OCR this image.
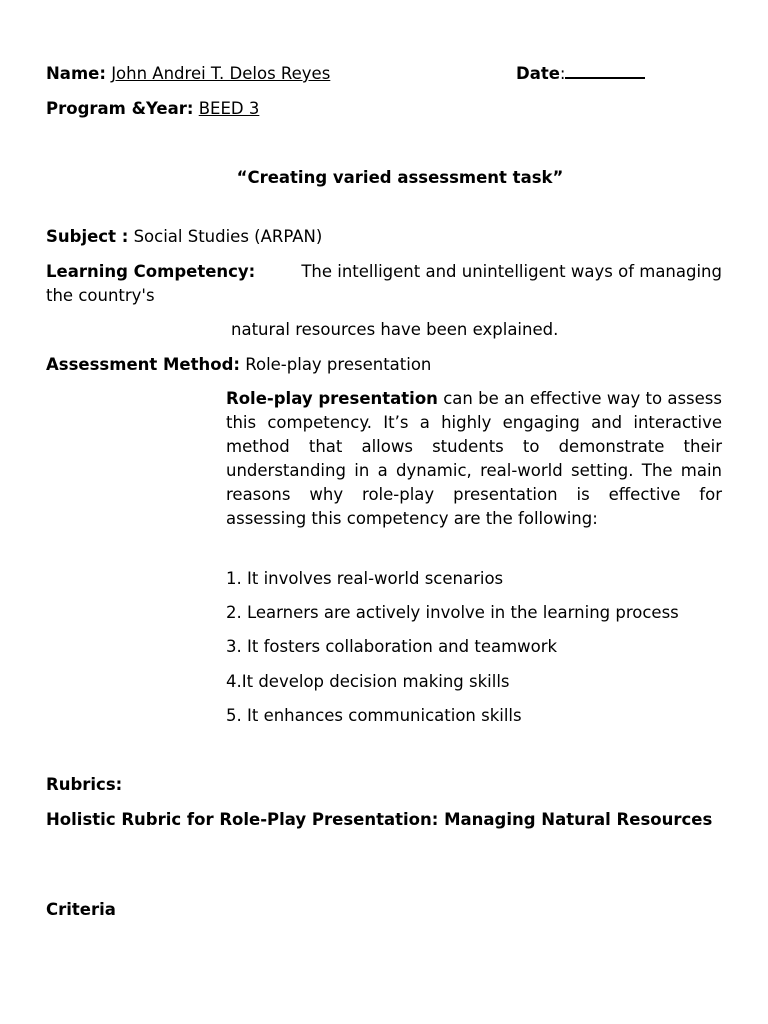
Name: John Andrei T. Delos Reyes	Date:
Program &Year: BEED 3
“Creating varied assessment task”
Subject : Social Studies (ARPAN)
Learning Competency:	The intelligent and unintelligent ways of managing
the country's
natural resources have been explained.
Assessment Method: Role-play presentation
Role-play presentation can be an effective way to assess this competency. It’s a highly engaging and interactive method that allows students to demonstrate their understanding in a dynamic, real-world setting. The main reasons why role-play presentation is effective for assessing this competency are the following:
1. It involves real-world scenarios
2. Learners are actively involve in the learning process
3. It fosters collaboration and teamwork
4.It develop decision making skills
5. It enhances communication skills
Rubrics:
Holistic Rubric for Role-Play Presentation: Managing Natural Resources
Criteria
